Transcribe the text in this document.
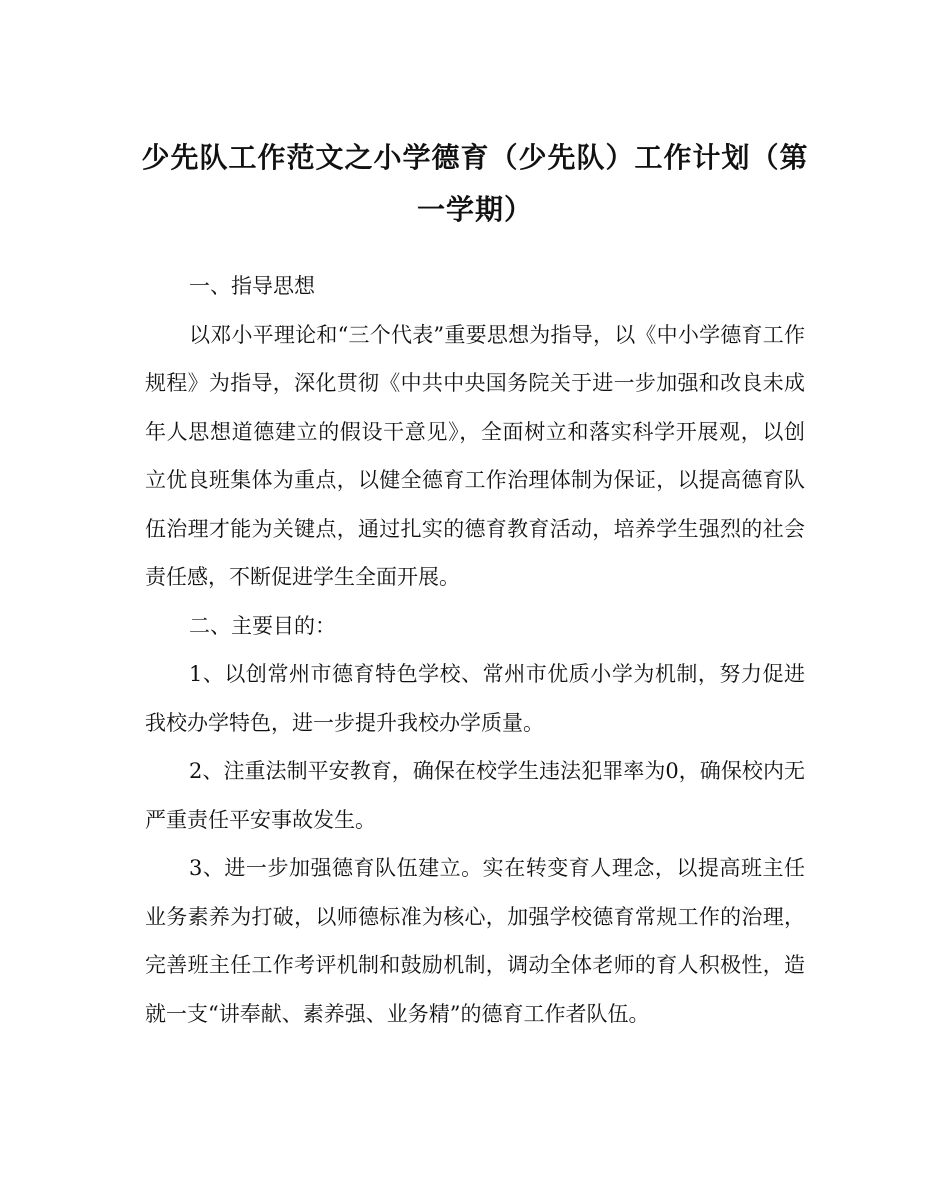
少先队工作范文之小学德育（少先队）工作计划（第一学期）

一、指导思想

以邓小平理论和“三个代表”重要思想为指导，以《中小学德育工作规程》为指导，深化贯彻《中共中央国务院关于进一步加强和改良未成年人思想道德建立的假设干意见》，全面树立和落实科学开展观，以创立优良班集体为重点，以健全德育工作治理体制为保证，以提高德育队伍治理才能为关键点，通过扎实的德育教育活动，培养学生强烈的社会责任感，不断促进学生全面开展。

二、主要目的：

1、以创常州市德育特色学校、常州市优质小学为机制，努力促进我校办学特色，进一步提升我校办学质量。

2、注重法制平安教育，确保在校学生违法犯罪率为0，确保校内无严重责任平安事故发生。

3、进一步加强德育队伍建立。实在转变育人理念，以提高班主任业务素养为打破，以师德标准为核心，加强学校德育常规工作的治理，完善班主任工作考评机制和鼓励机制，调动全体老师的育人积极性，造就一支“讲奉献、素养强、业务精”的德育工作者队伍。
